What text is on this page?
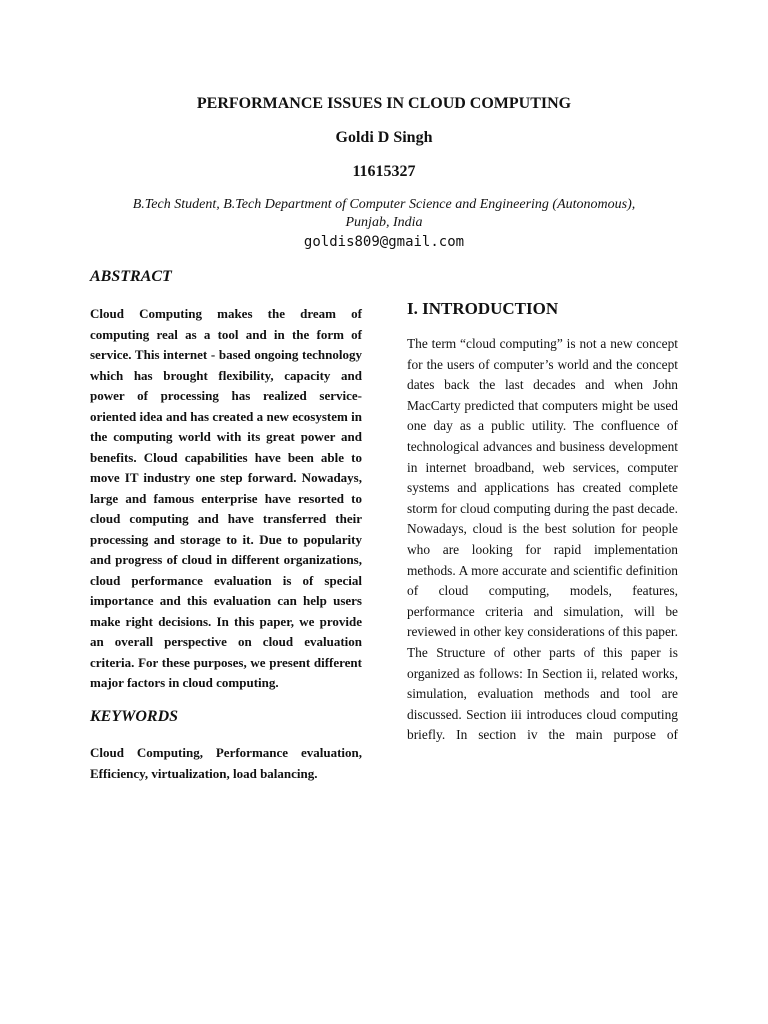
PERFORMANCE ISSUES IN CLOUD COMPUTING
Goldi D Singh
11615327
B.Tech Student, B.Tech Department of Computer Science and Engineering (Autonomous), Punjab, India
goldis809@gmail.com
ABSTRACT

Cloud Computing makes the dream of computing real as a tool and in the form of service. This internet - based ongoing technology which has brought flexibility, capacity and power of processing has realized service- oriented idea and has created a new ecosystem in the computing world with its great power and benefits. Cloud capabilities have been able to move IT industry one step forward. Nowadays, large and famous enterprise have resorted to cloud computing and have transferred their processing and storage to it. Due to popularity and progress of cloud in different organizations, cloud performance evaluation is of special importance and this evaluation can help users make right decisions. In this paper, we provide an overall perspective on cloud evaluation criteria. For these purposes, we present different major factors in cloud computing.

KEYWORDS

Cloud Computing, Performance evaluation, Efficiency, virtualization, load balancing.

I. INTRODUCTION

The term “cloud computing” is not a new concept for the users of computer’s world and the concept dates back the last decades and when John MacCarty predicted that computers might be used one day as a public utility. The confluence of technological advances and business development in internet broadband, web services, computer systems and applications has created complete storm for cloud computing during the past decade. Nowadays, cloud is the best solution for people who are looking for rapid implementation methods. A more accurate and scientific definition of cloud computing, models, features, performance criteria and simulation, will be reviewed in other key considerations of this paper. The Structure of other parts of this paper is organized as follows: In Section ii, related works, simulation, evaluation methods and tool are discussed. Section iii introduces cloud computing briefly. In section iv the main purpose of
